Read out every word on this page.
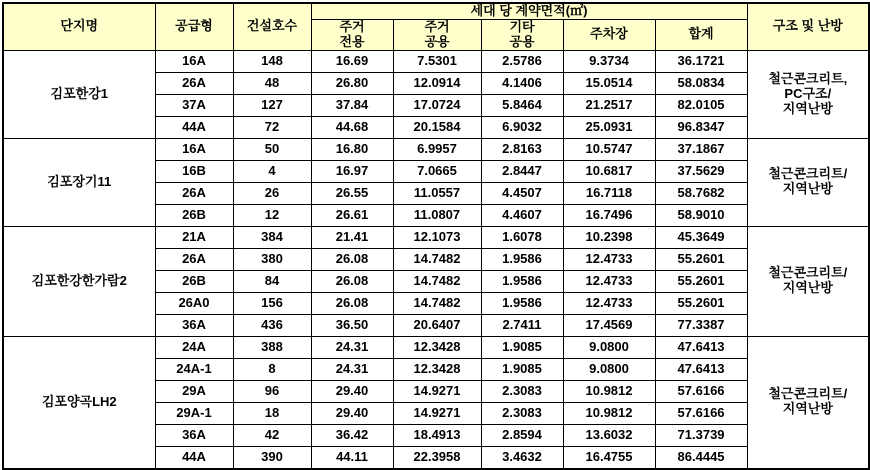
단지명	공급형	건설호수	세대 당 계약면적(㎡)					구조 및 난방
			주거
전용	주거
공용	기타
공용	주차장	합계	
김포한강1	16A	148	16.69	7.5301	2.5786	9.3734	36.1721	철근콘크리트,
PC구조/
지역난방
	26A	48	26.80	12.0914	4.1406	15.0514	58.0834	
	37A	127	37.84	17.0724	5.8464	21.2517	82.0105	
	44A	72	44.68	20.1584	6.9032	25.0931	96.8347	
김포장기11	16A	50	16.80	6.9957	2.8163	10.5747	37.1867	철근콘크리트/
지역난방
	16B	4	16.97	7.0665	2.8447	10.6817	37.5629	
	26A	26	26.55	11.0557	4.4507	16.7118	58.7682	
	26B	12	26.61	11.0807	4.4607	16.7496	58.9010	
김포한강한가람2	21A	384	21.41	12.1073	1.6078	10.2398	45.3649	철근콘크리트/
지역난방
	26A	380	26.08	14.7482	1.9586	12.4733	55.2601	
	26B	84	26.08	14.7482	1.9586	12.4733	55.2601	
	26A0	156	26.08	14.7482	1.9586	12.4733	55.2601	
	36A	436	36.50	20.6407	2.7411	17.4569	77.3387	
김포양곡LH2	24A	388	24.31	12.3428	1.9085	9.0800	47.6413	철근콘크리트/
지역난방
	24A-1	8	24.31	12.3428	1.9085	9.0800	47.6413	
	29A	96	29.40	14.9271	2.3083	10.9812	57.6166	
	29A-1	18	29.40	14.9271	2.3083	10.9812	57.6166	
	36A	42	36.42	18.4913	2.8594	13.6032	71.3739	
	44A	390	44.11	22.3958	3.4632	16.4755	86.4445	
